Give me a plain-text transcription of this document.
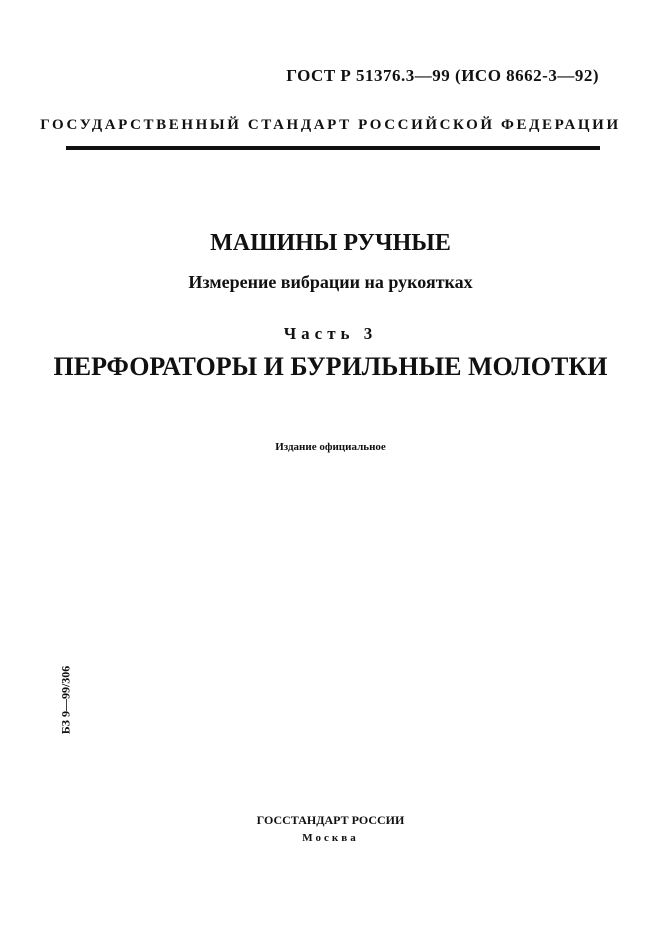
ГОСТ Р 51376.3—99 (ИСО 8662-3—92)
ГОСУДАРСТВЕННЫЙ СТАНДАРТ РОССИЙСКОЙ ФЕДЕРАЦИИ
МАШИНЫ РУЧНЫЕ
Измерение вибрации на рукоятках
Часть 3
ПЕРФОРАТОРЫ И БУРИЛЬНЫЕ МОЛОТКИ
Издание официальное
БЗ 9—99/306
ГОССТАНДАРТ РОССИИ
Москва
